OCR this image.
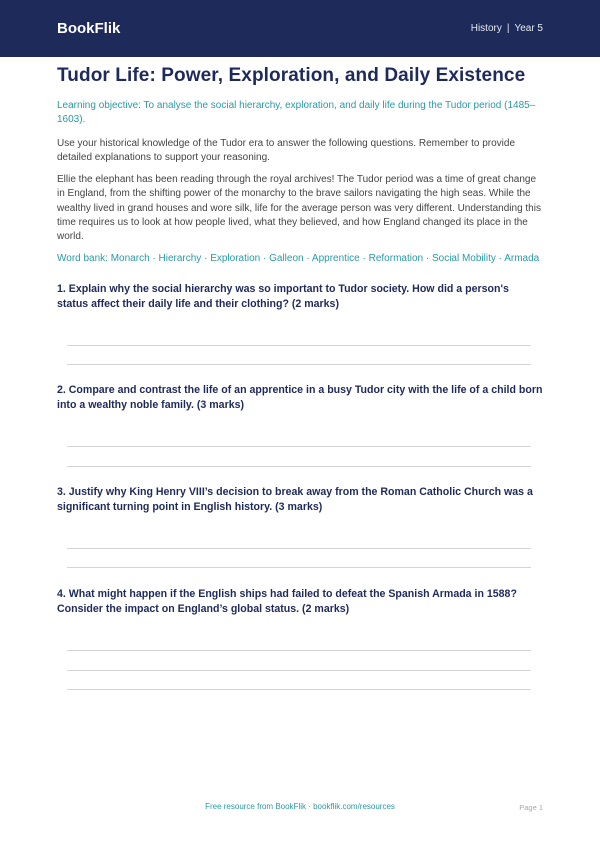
BookFlik	History | Year 5
Tudor Life: Power, Exploration, and Daily Existence
Learning objective: To analyse the social hierarchy, exploration, and daily life during the Tudor period (1485–1603).
Use your historical knowledge of the Tudor era to answer the following questions. Remember to provide detailed explanations to support your reasoning.
Ellie the elephant has been reading through the royal archives! The Tudor period was a time of great change in England, from the shifting power of the monarchy to the brave sailors navigating the high seas. While the wealthy lived in grand houses and wore silk, life for the average person was very different. Understanding this time requires us to look at how people lived, what they believed, and how England changed its place in the world.
Word bank: Monarch · Hierarchy · Exploration · Galleon · Apprentice · Reformation · Social Mobility · Armada
1. Explain why the social hierarchy was so important to Tudor society. How did a person's status affect their daily life and their clothing? (2 marks)
2. Compare and contrast the life of an apprentice in a busy Tudor city with the life of a child born into a wealthy noble family. (3 marks)
3. Justify why King Henry VIII’s decision to break away from the Roman Catholic Church was a significant turning point in English history. (3 marks)
4. What might happen if the English ships had failed to defeat the Spanish Armada in 1588? Consider the impact on England’s global status. (2 marks)
Free resource from BookFlik · bookflik.com/resources	Page 1
